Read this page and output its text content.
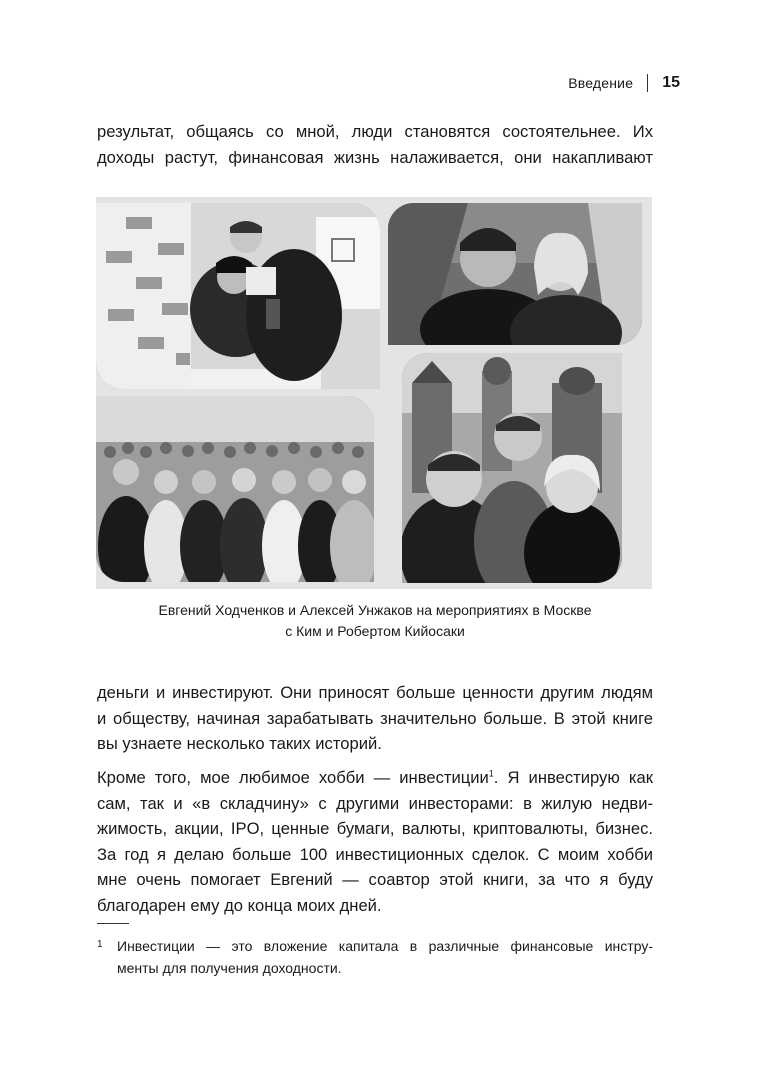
Введение 15
результат, общаясь со мной, люди становятся состоятельнее. Их
доходы растут, финансовая жизнь налаживается, они накапливают
Евгений Ходченков и Алексей Унжаков на мероприятиях в Москве
с Ким и Робертом Кийосаки
деньги и инвестируют. Они приносят больше ценности другим людям
и обществу, начиная зарабатывать значительно больше. В этой книге
вы узнаете несколько таких историй.
Кроме того, мое любимое хобби — инвестиции$^1$. Я инвестирую как
сам, так и «в складчину» с другими инвесторами: в жилую недви-
жимость, акции, IPO, ценные бумаги, валюты, криптовалюты, бизнес.
За год я делаю больше 100 инвестиционных сделок. С моим хобби
мне очень помогает Евгений — соавтор этой книги, за что я буду
благодарен ему до конца моих дней.
1 Инвестиции — это вложение капитала в различные финансовые инстру-
менты для получения доходности.
